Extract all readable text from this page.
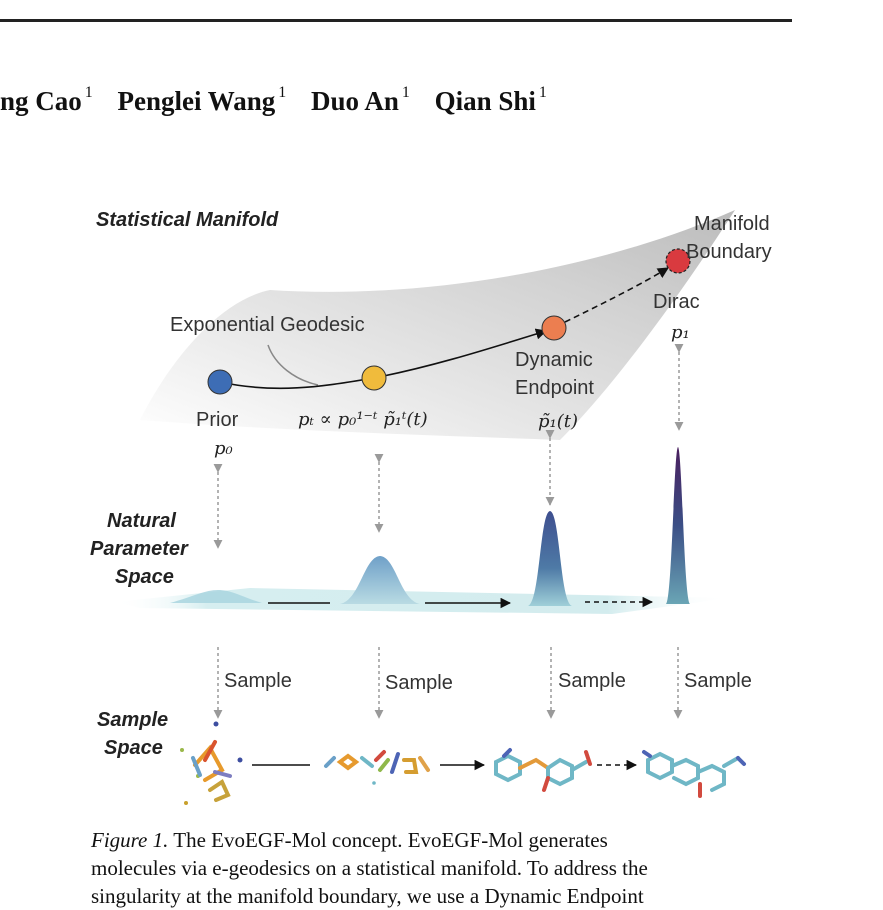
ng Cao $^1$ Penglei Wang $^1$ Duo An $^1$ Qian Shi $^1$
Statistical Manifold
Exponential Geodesic
Manifold
Boundary
Dirac
p₁
Dynamic
Endpoint
p̃₁(t)
Prior
p₀
pₜ ∝ p₀¹⁻ᵗ p̃₁ᵗ(t)
Natural
Parameter
Space
Sample	Sample	Sample	Sample
Sample
Space
Figure 1. The EvoEGF-Mol concept. EvoEGF-Mol generates
molecules via e-geodesics on a statistical manifold. To address the
singularity at the manifold boundary, we use a Dynamic Endpoint
